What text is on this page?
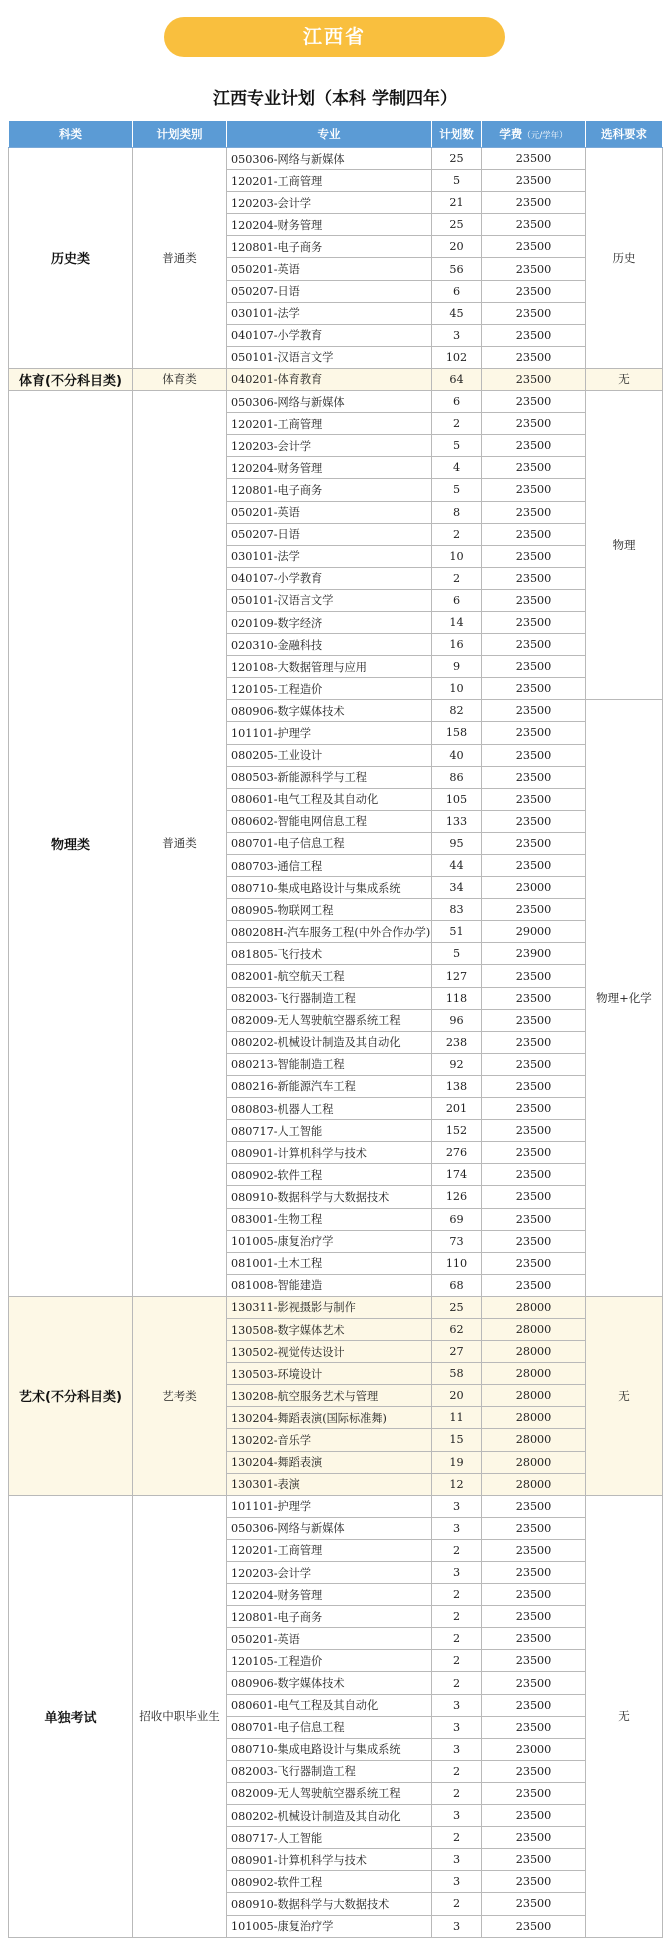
江西省
江西专业计划（本科 学制四年）
科类	计划类别	专业	计划数	学费（元/学年）	选科要求
历史类	普通类	050306-网络与新媒体	25	23500	历史
		120201-工商管理	5	23500	
		120203-会计学	21	23500	
		120204-财务管理	25	23500	
		120801-电子商务	20	23500	
		050201-英语	56	23500	
		050207-日语	6	23500	
		030101-法学	45	23500	
		040107-小学教育	3	23500	
		050101-汉语言文学	102	23500	
体育(不分科目类)	体育类	040201-体育教育	64	23500	无
物理类	普通类	050306-网络与新媒体	6	23500	物理
		120201-工商管理	2	23500	
		120203-会计学	5	23500	
		120204-财务管理	4	23500	
		120801-电子商务	5	23500	
		050201-英语	8	23500	
		050207-日语	2	23500	
		030101-法学	10	23500	
		040107-小学教育	2	23500	
		050101-汉语言文学	6	23500	
		020109-数字经济	14	23500	
		020310-金融科技	16	23500	
		120108-大数据管理与应用	9	23500	
		120105-工程造价	10	23500	
		080906-数字媒体技术	82	23500	物理+化学
		101101-护理学	158	23500	
		080205-工业设计	40	23500	
		080503-新能源科学与工程	86	23500	
		080601-电气工程及其自动化	105	23500	
		080602-智能电网信息工程	133	23500	
		080701-电子信息工程	95	23500	
		080703-通信工程	44	23500	
		080710-集成电路设计与集成系统	34	23000	
		080905-物联网工程	83	23500	
		080208H-汽车服务工程(中外合作办学)	51	29000	
		081805-飞行技术	5	23900	
		082001-航空航天工程	127	23500	
		082003-飞行器制造工程	118	23500	
		082009-无人驾驶航空器系统工程	96	23500	
		080202-机械设计制造及其自动化	238	23500	
		080213-智能制造工程	92	23500	
		080216-新能源汽车工程	138	23500	
		080803-机器人工程	201	23500	
		080717-人工智能	152	23500	
		080901-计算机科学与技术	276	23500	
		080902-软件工程	174	23500	
		080910-数据科学与大数据技术	126	23500	
		083001-生物工程	69	23500	
		101005-康复治疗学	73	23500	
		081001-土木工程	110	23500	
		081008-智能建造	68	23500	
艺术(不分科目类)	艺考类	130311-影视摄影与制作	25	28000	无
		130508-数字媒体艺术	62	28000	
		130502-视觉传达设计	27	28000	
		130503-环境设计	58	28000	
		130208-航空服务艺术与管理	20	28000	
		130204-舞蹈表演(国际标准舞)	11	28000	
		130202-音乐学	15	28000	
		130204-舞蹈表演	19	28000	
		130301-表演	12	28000	
单独考试	招收中职毕业生	101101-护理学	3	23500	无
		050306-网络与新媒体	3	23500	
		120201-工商管理	2	23500	
		120203-会计学	3	23500	
		120204-财务管理	2	23500	
		120801-电子商务	2	23500	
		050201-英语	2	23500	
		120105-工程造价	2	23500	
		080906-数字媒体技术	2	23500	
		080601-电气工程及其自动化	3	23500	
		080701-电子信息工程	3	23500	
		080710-集成电路设计与集成系统	3	23000	
		082003-飞行器制造工程	2	23500	
		082009-无人驾驶航空器系统工程	2	23500	
		080202-机械设计制造及其自动化	3	23500	
		080717-人工智能	2	23500	
		080901-计算机科学与技术	3	23500	
		080902-软件工程	3	23500	
		080910-数据科学与大数据技术	2	23500	
		101005-康复治疗学	3	23500	
